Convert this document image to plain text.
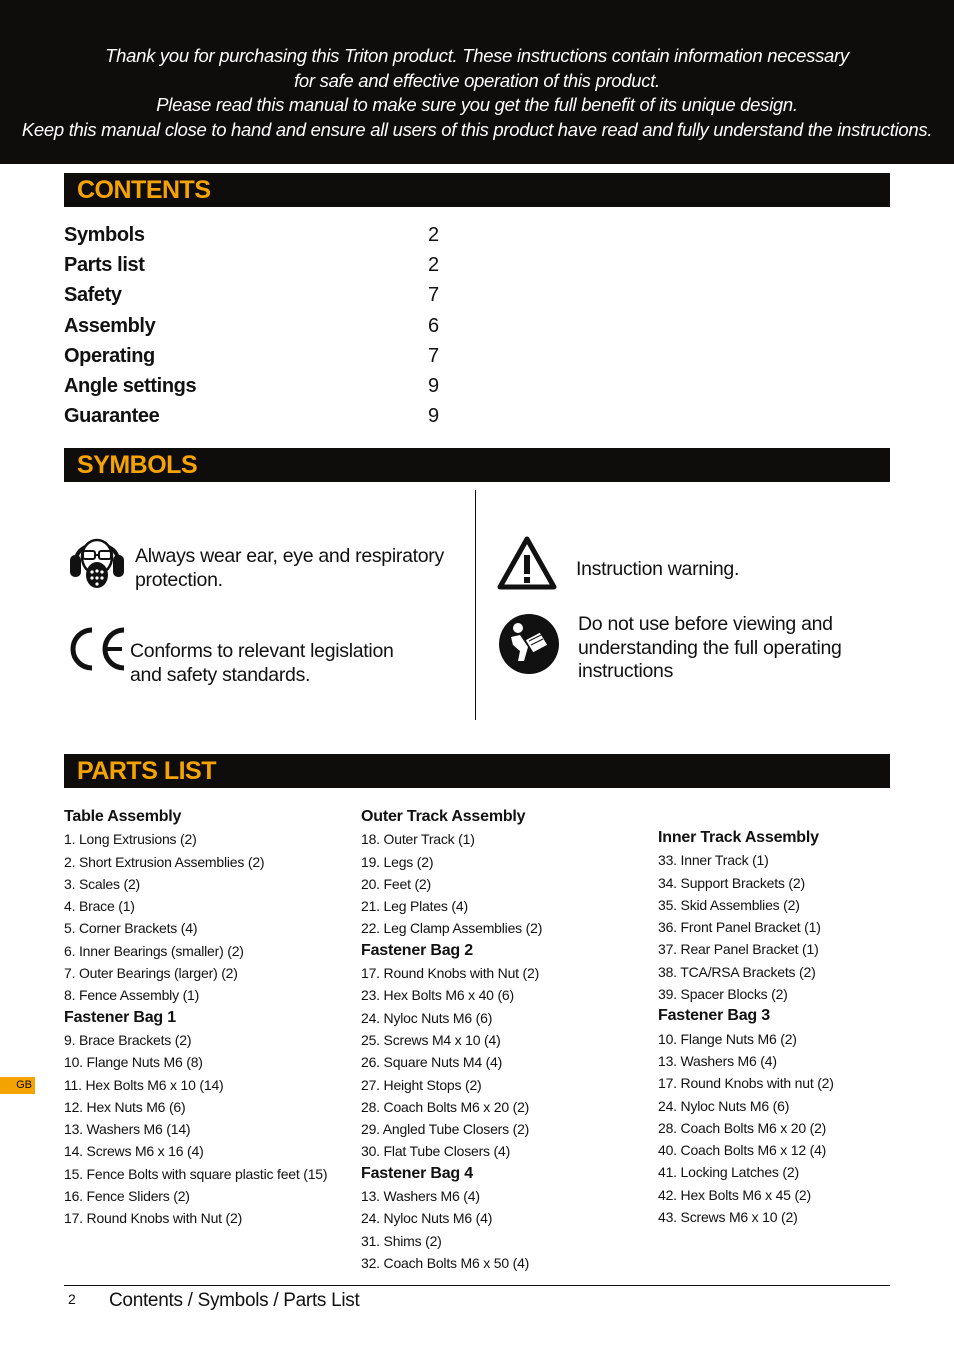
Thank you for purchasing this Triton product. These instructions contain information necessary
for safe and effective operation of this product.
Please read this manual to make sure you get the full benefit of its unique design.
Keep this manual close to hand and ensure all users of this product have read and fully understand the instructions.
CONTENTS
Symbols	2
Parts list	2
Safety	7
Assembly	6
Operating	7
Angle settings	9
Guarantee	9
SYMBOLS
Always wear ear, eye and respiratory protection.
Conforms to relevant legislation and safety standards.
Instruction warning.
Do not use before viewing and understanding the full operating instructions
PARTS LIST
Table Assembly
1. Long Extrusions (2)
2. Short Extrusion Assemblies (2)
3. Scales (2)
4. Brace (1)
5. Corner Brackets (4)
6. Inner Bearings (smaller) (2)
7. Outer Bearings (larger) (2)
8. Fence Assembly (1)
Fastener Bag 1
9. Brace Brackets (2)
10. Flange Nuts M6 (8)
11. Hex Bolts M6 x 10 (14)
12. Hex Nuts M6 (6)
13. Washers M6 (14)
14. Screws M6 x 16 (4)
15. Fence Bolts with square plastic feet (15)
16. Fence Sliders (2)
17. Round Knobs with Nut (2)
Outer Track Assembly
18. Outer Track (1)
19. Legs (2)
20. Feet (2)
21. Leg Plates (4)
22. Leg Clamp Assemblies (2)
Fastener Bag 2
17. Round Knobs with Nut (2)
23. Hex Bolts M6 x 40 (6)
24. Nyloc Nuts M6 (6)
25. Screws M4 x 10 (4)
26. Square Nuts M4 (4)
27. Height Stops (2)
28. Coach Bolts M6 x 20 (2)
29. Angled Tube Closers (2)
30. Flat Tube Closers (4)
Fastener Bag 4
13. Washers M6 (4)
24. Nyloc Nuts M6 (4)
31. Shims (2)
32. Coach Bolts M6 x 50 (4)
Inner Track Assembly
33. Inner Track (1)
34. Support Brackets (2)
35. Skid Assemblies (2)
36. Front Panel Bracket (1)
37. Rear Panel Bracket (1)
38. TCA/RSA Brackets (2)
39. Spacer Blocks (2)
Fastener Bag 3
10. Flange Nuts M6 (2)
13. Washers M6 (4)
17. Round Knobs with nut (2)
24. Nyloc Nuts M6 (6)
28. Coach Bolts M6 x 20 (2)
40. Coach Bolts M6 x 12 (4)
41. Locking Latches (2)
42. Hex Bolts M6 x 45 (2)
43. Screws M6 x 10 (2)
GB
2 Contents / Symbols / Parts List
